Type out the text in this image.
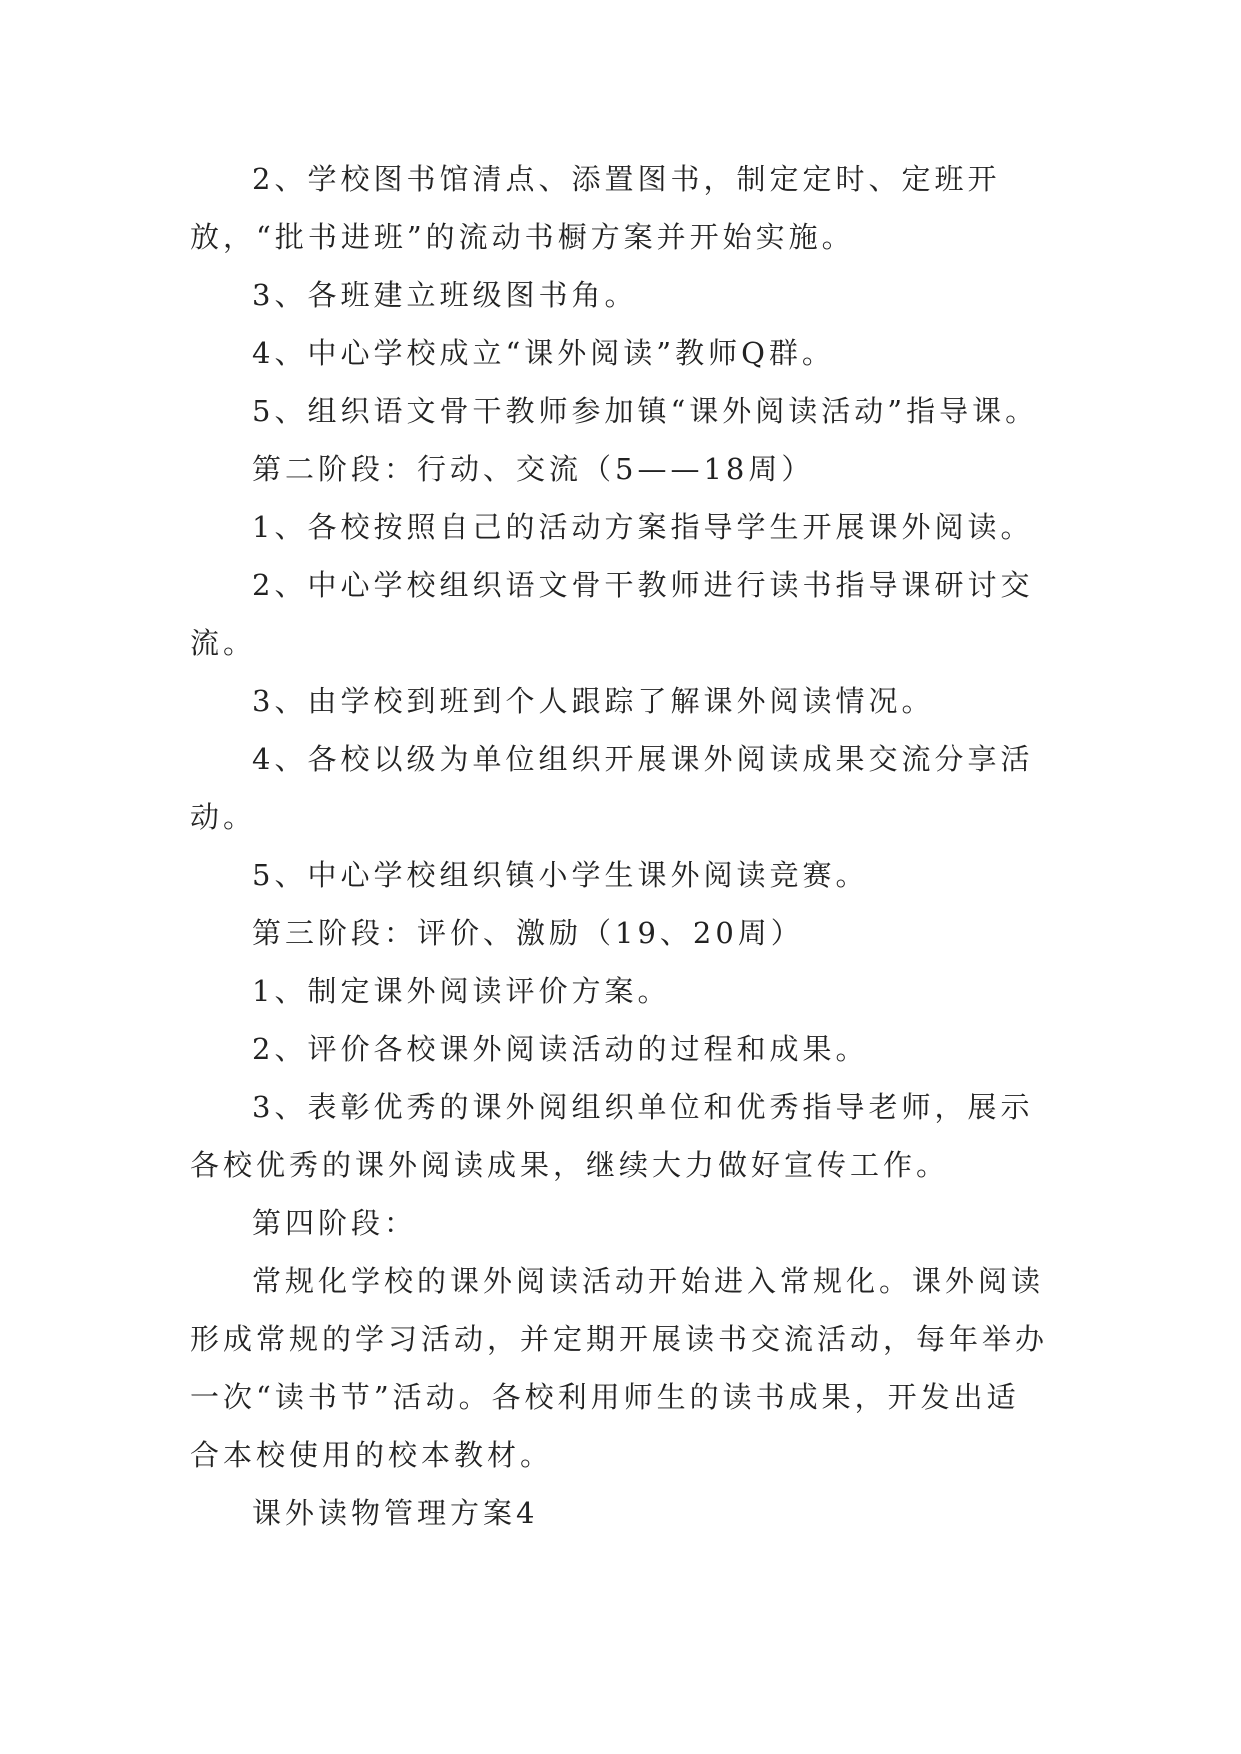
2、学校图书馆清点、添置图书，制定定时、定班开放，“批书进班”的流动书橱方案并开始实施。

3、各班建立班级图书角。

4、中心学校成立“课外阅读”教师Q群。

5、组织语文骨干教师参加镇“课外阅读活动”指导课。

第二阶段：行动、交流（5——18周）

1、各校按照自己的活动方案指导学生开展课外阅读。

2、中心学校组织语文骨干教师进行读书指导课研讨交流。

3、由学校到班到个人跟踪了解课外阅读情况。

4、各校以级为单位组织开展课外阅读成果交流分享活动。

5、中心学校组织镇小学生课外阅读竞赛。

第三阶段：评价、激励（19、20周）

1、制定课外阅读评价方案。

2、评价各校课外阅读活动的过程和成果。

3、表彰优秀的课外阅组织单位和优秀指导老师，展示各校优秀的课外阅读成果，继续大力做好宣传工作。

第四阶段：

常规化学校的课外阅读活动开始进入常规化。课外阅读形成常规的学习活动，并定期开展读书交流活动，每年举办一次“读书节”活动。各校利用师生的读书成果，开发出适合本校使用的校本教材。

课外读物管理方案4
